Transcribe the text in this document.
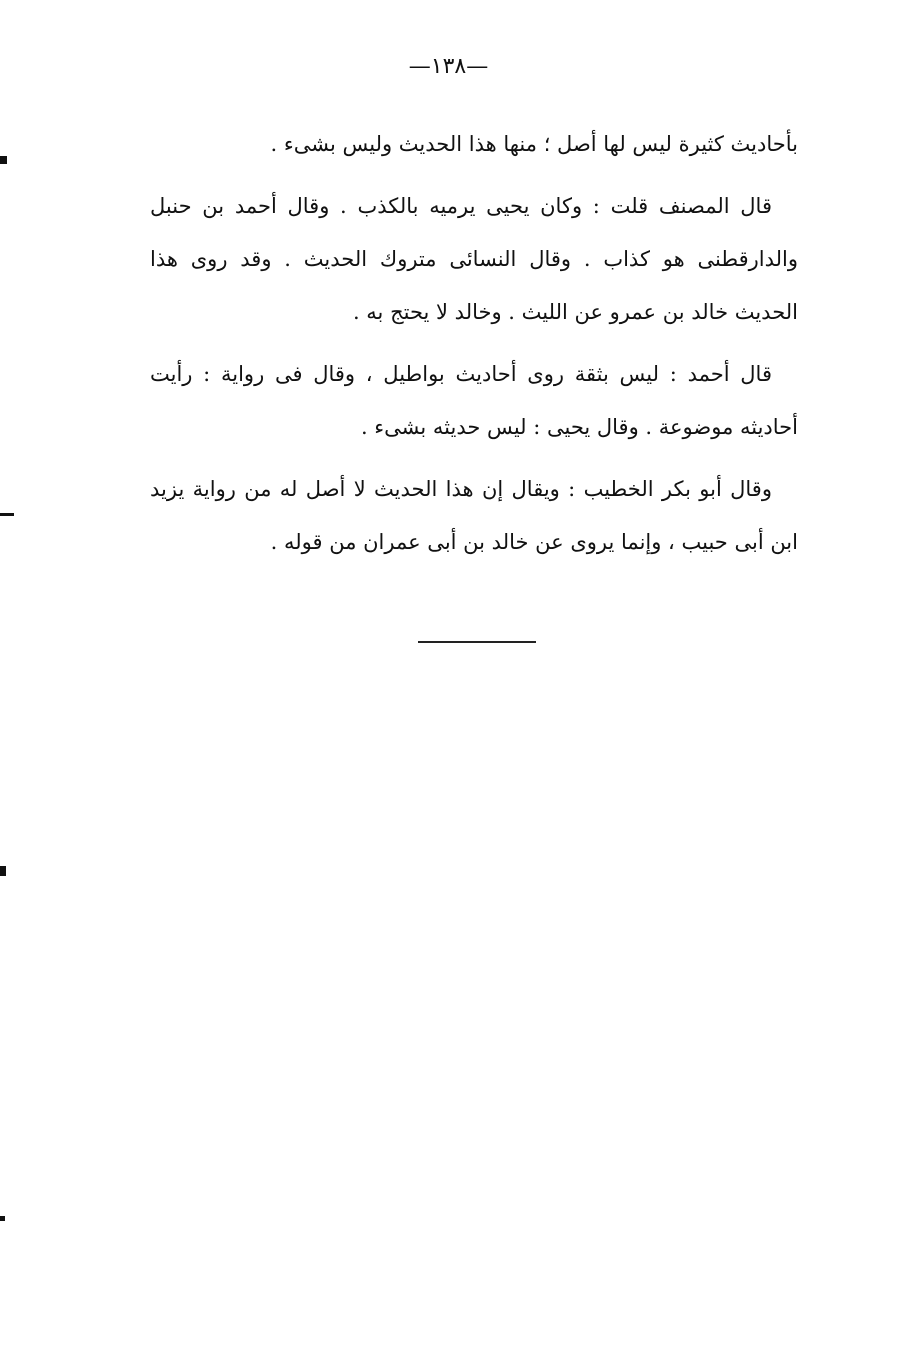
—١٣٨—

بأحاديث كثيرة ليس لها أصل ؛ منها هذا الحديث وليس بشىء .

قال المصنف قلت : وكان يحيى يرميه بالكذب . وقال أحمد بن حنبل والدارقطنى هو كذاب . وقال النسائى متروك الحديث . وقد روى هذا الحديث خالد بن عمرو عن الليث . وخالد لا يحتج به .

قال أحمد : ليس بثقة روى أحاديث بواطيل ، وقال فى رواية : رأيت أحاديثه موضوعة . وقال يحيى : ليس حديثه بشىء .

وقال أبو بكر الخطيب : ويقال إن هذا الحديث لا أصل له من رواية يزيد ابن أبى حبيب ، وإنما يروى عن خالد بن أبى عمران من قوله .
